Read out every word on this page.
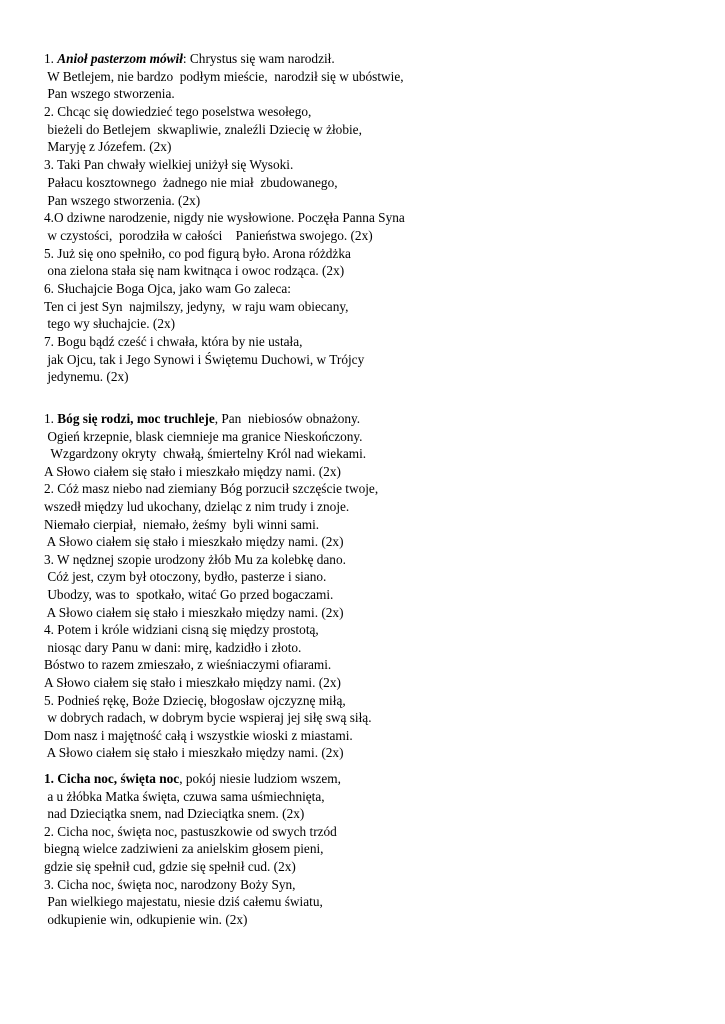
1. Anioł pasterzom mówił: Chrystus się wam narodził.
W Betlejem, nie bardzo  podłym mieście,  narodził się w ubóstwie,
Pan wszego stworzenia.
2. Chcąc się dowiedzieć tego poselstwa wesołego,
bieżeli do Betlejem  skwapliwie, znaleźli Dziecię w żłobie,
Maryję z Józefem. (2x)
3. Taki Pan chwały wielkiej uniżył się Wysoki.
Pałacu kosztownego  żadnego nie miał  zbudowanego,
Pan wszego stworzenia. (2x)
4.O dziwne narodzenie, nigdy nie wysłowione. Poczęła Panna Syna
w czystości,  porodziła w całości    Panieństwa swojego. (2x)
5. Już się ono spełniło, co pod figurą było. Arona różdżka
ona zielona stała się nam kwitnąca i owoc rodząca. (2x)
6. Słuchajcie Boga Ojca, jako wam Go zaleca:
Ten ci jest Syn  najmilszy, jedyny,  w raju wam obiecany,
tego wy słuchajcie. (2x)
7. Bogu bądź cześć i chwała, która by nie ustała,
jak Ojcu, tak i Jego Synowi i Świętemu Duchowi, w Trójcy
jedynemu. (2x)
1. Bóg się rodzi, moc truchleje, Pan  niebiosów obnażony.
Ogień krzepnie, blask ciemnieje ma granice Nieskończony.
Wzgardzony okryty  chwałą, śmiertelny Król nad wiekami.
A Słowo ciałem się stało i mieszkało między nami. (2x)
2. Cóż masz niebo nad ziemiany Bóg porzucił szczęście twoje,
wszedł między lud ukochany, dzieląc z nim trudy i znoje.
Niemało cierpiał,  niemało, żeśmy  byli winni sami.
A Słowo ciałem się stało i mieszkało między nami. (2x)
3. W nędznej szopie urodzony żłób Mu za kolebkę dano.
Cóż jest, czym był otoczony, bydło, pasterze i siano.
Ubodzy, was to  spotkało, witać Go przed bogaczami.
A Słowo ciałem się stało i mieszkało między nami. (2x)
4. Potem i króle widziani cisną się między prostotą,
niosąc dary Panu w dani: mirę, kadzidło i złoto.
Bóstwo to razem zmieszało, z wieśniaczymi ofiarami.
A Słowo ciałem się stało i mieszkało między nami. (2x)
5. Podnieś rękę, Boże Dziecię, błogosław ojczyznę miłą,
w dobrych radach, w dobrym bycie wspieraj jej siłę swą siłą.
Dom nasz i majętność całą i wszystkie wioski z miastami.
A Słowo ciałem się stało i mieszkało między nami. (2x)
1. Cicha noc, święta noc, pokój niesie ludziom wszem,
a u żłóbka Matka święta, czuwa sama uśmiechnięta,
nad Dzieciątka snem, nad Dzieciątka snem. (2x)
2. Cicha noc, święta noc, pastuszkowie od swych trzód
biegną wielce zadziwieni za anielskim głosem pieni,
gdzie się spełnił cud, gdzie się spełnił cud. (2x)
3. Cicha noc, święta noc, narodzony Boży Syn,
Pan wielkiego majestatu, niesie dziś całemu światu,
odkupienie win, odkupienie win. (2x)
